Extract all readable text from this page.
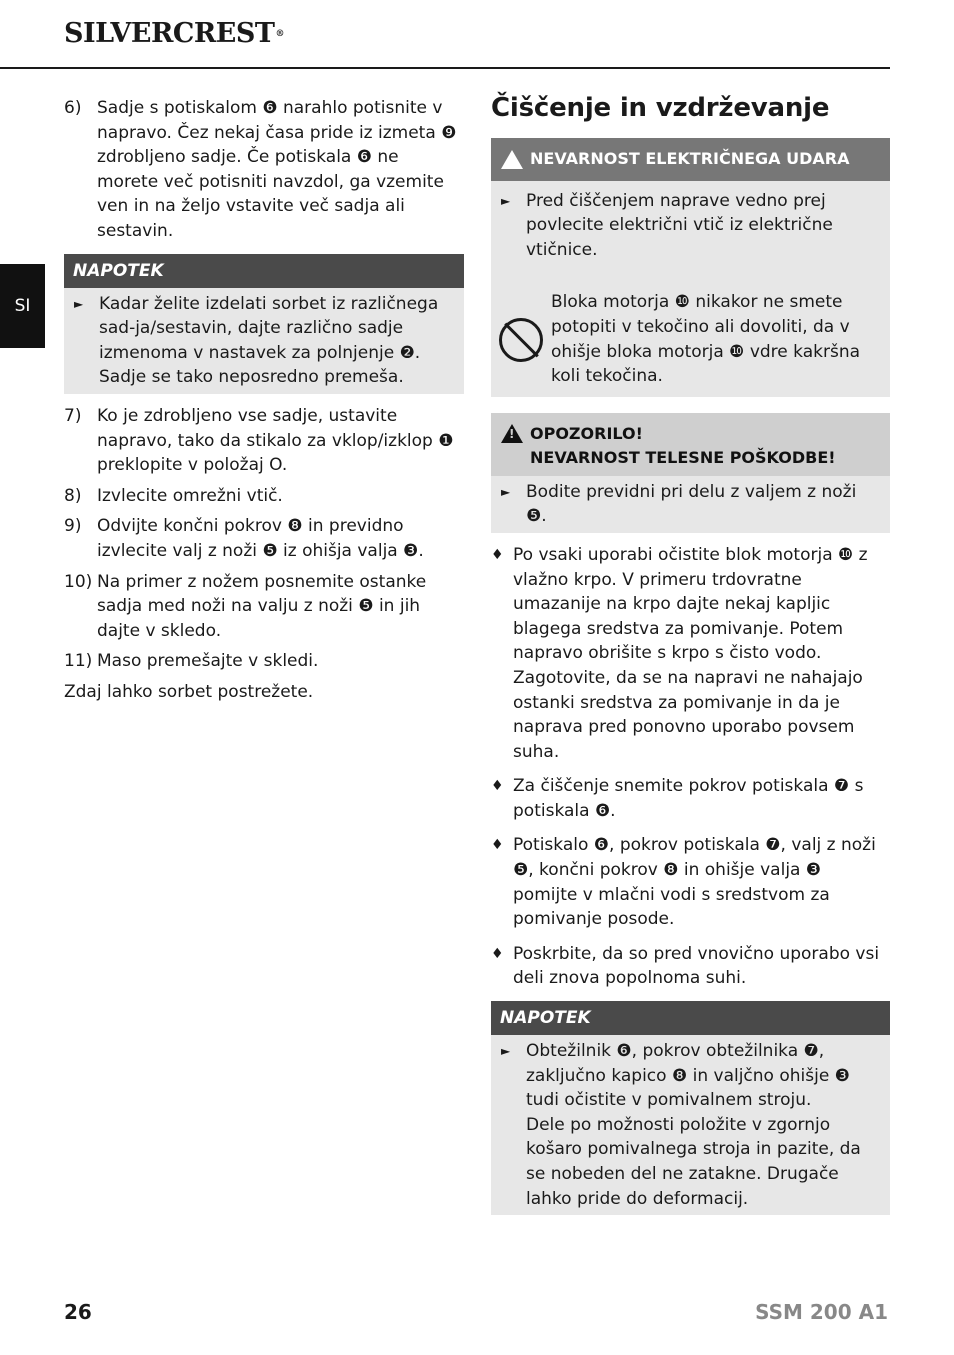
SILVERCREST®
SI
6) Sadje s potiskalom ❻ narahlo potisnite v napravo. Čez nekaj časa pride iz izmeta ❾ zdrobljeno sadje. Če potiskala ❻ ne morete več potisniti navzdol, ga vzemite ven in na željo vstavite več sadja ali sestavin.
NAPOTEK
► Kadar želite izdelati sorbet iz različnega sad-ja/sestavin, dajte različno sadje izmenoma v nastavek za polnjenje ❷. Sadje se tako neposredno premeša.
7) Ko je zdrobljeno vse sadje, ustavite napravo, tako da stikalo za vklop/izklop ❶ preklopite v položaj O.
8) Izvlecite omrežni vtič.
9) Odvijte končni pokrov ❽ in previdno izvlecite valj z noži ❺ iz ohišja valja ❸.
10) Na primer z nožem posnemite ostanke sadja med noži na valju z noži ❺ in jih dajte v skledo.
11) Maso premešajte v skledi.
Zdaj lahko sorbet postrežete.
Čiščenje in vzdrževanje
!
NEVARNOST ELEKTRIČNEGA UDARA
► Pred čiščenjem naprave vedno prej povlecite električni vtič iz električne vtičnice.
Bloka motorja ❿ nikakor ne smete potopiti v tekočino ali dovoliti, da v ohišje bloka motorja ❿ vdre kakršna koli tekočina.
!
OPOZORILO!
NEVARNOST TELESNE POŠKODBE!
► Bodite previdni pri delu z valjem z noži ❺.
♦ Po vsaki uporabi očistite blok motorja ❿ z vlažno krpo. V primeru trdovratne umazanije na krpo dajte nekaj kapljic blagega sredstva za pomivanje. Potem napravo obrišite s krpo s čisto vodo. Zagotovite, da se na napravi ne nahajajo ostanki sredstva za pomivanje in da je naprava pred ponovno uporabo povsem suha.
♦ Za čiščenje snemite pokrov potiskala ❼ s potiskala ❻.
♦ Potiskalo ❻, pokrov potiskala ❼, valj z noži ❺, končni pokrov ❽ in ohišje valja ❸ pomijte v mlačni vodi s sredstvom za pomivanje posode.
♦ Poskrbite, da so pred vnovično uporabo vsi deli znova popolnoma suhi.
NAPOTEK
► Obtežilnik ❻, pokrov obtežilnika ❼, zaključno kapico ❽ in valjčno ohišje ❸ tudi očistite v pomivalnem stroju.
Dele po možnosti položite v zgornjo košaro pomivalnega stroja in pazite, da se nobeden del ne zatakne. Drugače lahko pride do deformacij.
26	SSM 200 A1
